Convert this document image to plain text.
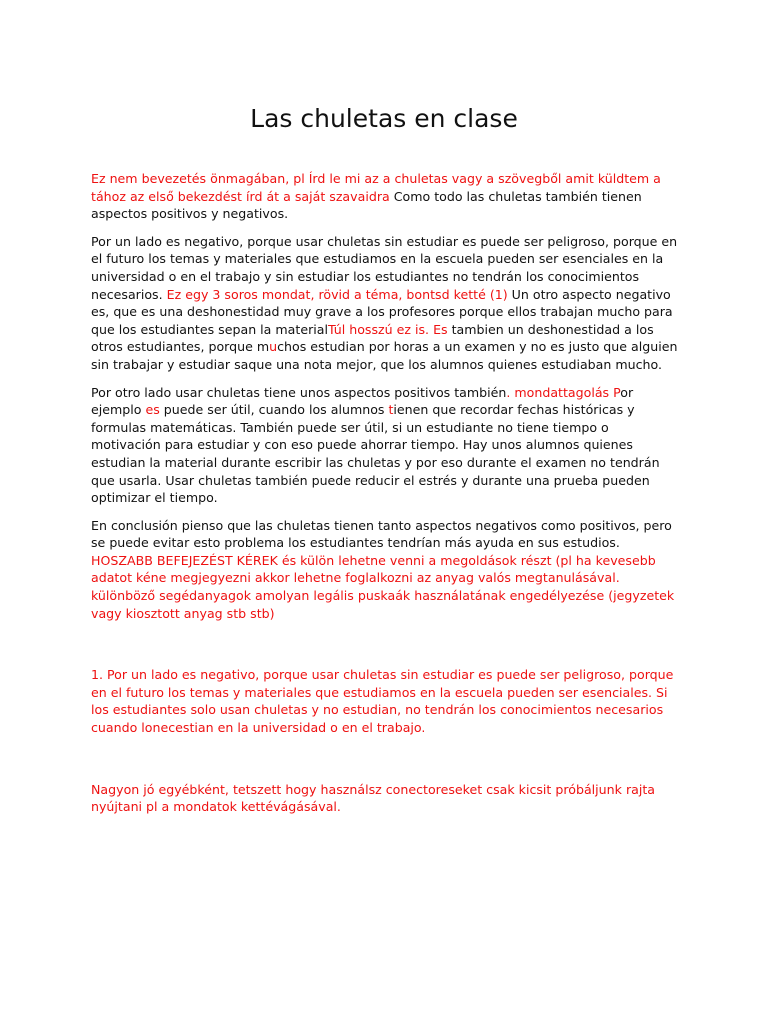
Las chuletas en clase

Ez nem bevezetés önmagában, pl Írd le mi az a chuletas vagy a szövegből amit küldtem a tához az első bekezdést írd át a saját szavaidra Como todo las chuletas también tienen aspectos positivos y negativos.

Por un lado es negativo, porque usar chuletas sin estudiar es puede ser peligroso, porque en el futuro los temas y materiales que estudiamos en la escuela pueden ser esenciales en la universidad o en el trabajo y sin estudiar los estudiantes no tendrán los conocimientos necesarios. Ez egy 3 soros mondat, rövid a téma, bontsd ketté (1) Un otro aspecto negativo es, que es una deshonestidad muy grave a los profesores porque ellos trabajan mucho para que los estudiantes sepan la materialTúl hosszú ez is. Es tambien un deshonestidad a los otros estudiantes, porque muchos estudian por horas a un examen y no es justo que alguien sin trabajar y estudiar saque una nota mejor, que los alumnos quienes estudiaban mucho.

Por otro lado usar chuletas tiene unos aspectos positivos también. mondattagolás Por ejemplo es puede ser útil, cuando los alumnos tienen que recordar fechas históricas y formulas matemáticas. También puede ser útil, si un estudiante no tiene tiempo o motivación para estudiar y con eso puede ahorrar tiempo. Hay unos alumnos quienes estudian la material durante escribir las chuletas y por eso durante el examen no tendrán que usarla. Usar chuletas también puede reducir el estrés y durante una prueba pueden optimizar el tiempo.

En conclusión pienso que las chuletas tienen tanto aspectos negativos como positivos, pero se puede evitar esto problema los estudiantes tendrían más ayuda en sus estudios. HOSZABB BEFEJEZÉST KÉREK és külön lehetne venni a megoldások részt (pl ha kevesebb adatot kéne megjegyezni akkor lehetne foglalkozni az anyag valós megtanulásával. különböző segédanyagok amolyan legális puskaák használatának engedélyezése (jegyzetek vagy kiosztott anyag stb stb)

1. Por un lado es negativo, porque usar chuletas sin estudiar es puede ser peligroso, porque en el futuro los temas y materiales que estudiamos en la escuela pueden ser esenciales. Si los estudiantes solo usan chuletas y no estudian, no tendrán los conocimientos necesarios cuando lonecestian en la universidad o en el trabajo.

Nagyon jó egyébként, tetszett hogy használsz conectoreseket csak kicsit próbáljunk rajta nyújtani pl a mondatok kettévágásával.
